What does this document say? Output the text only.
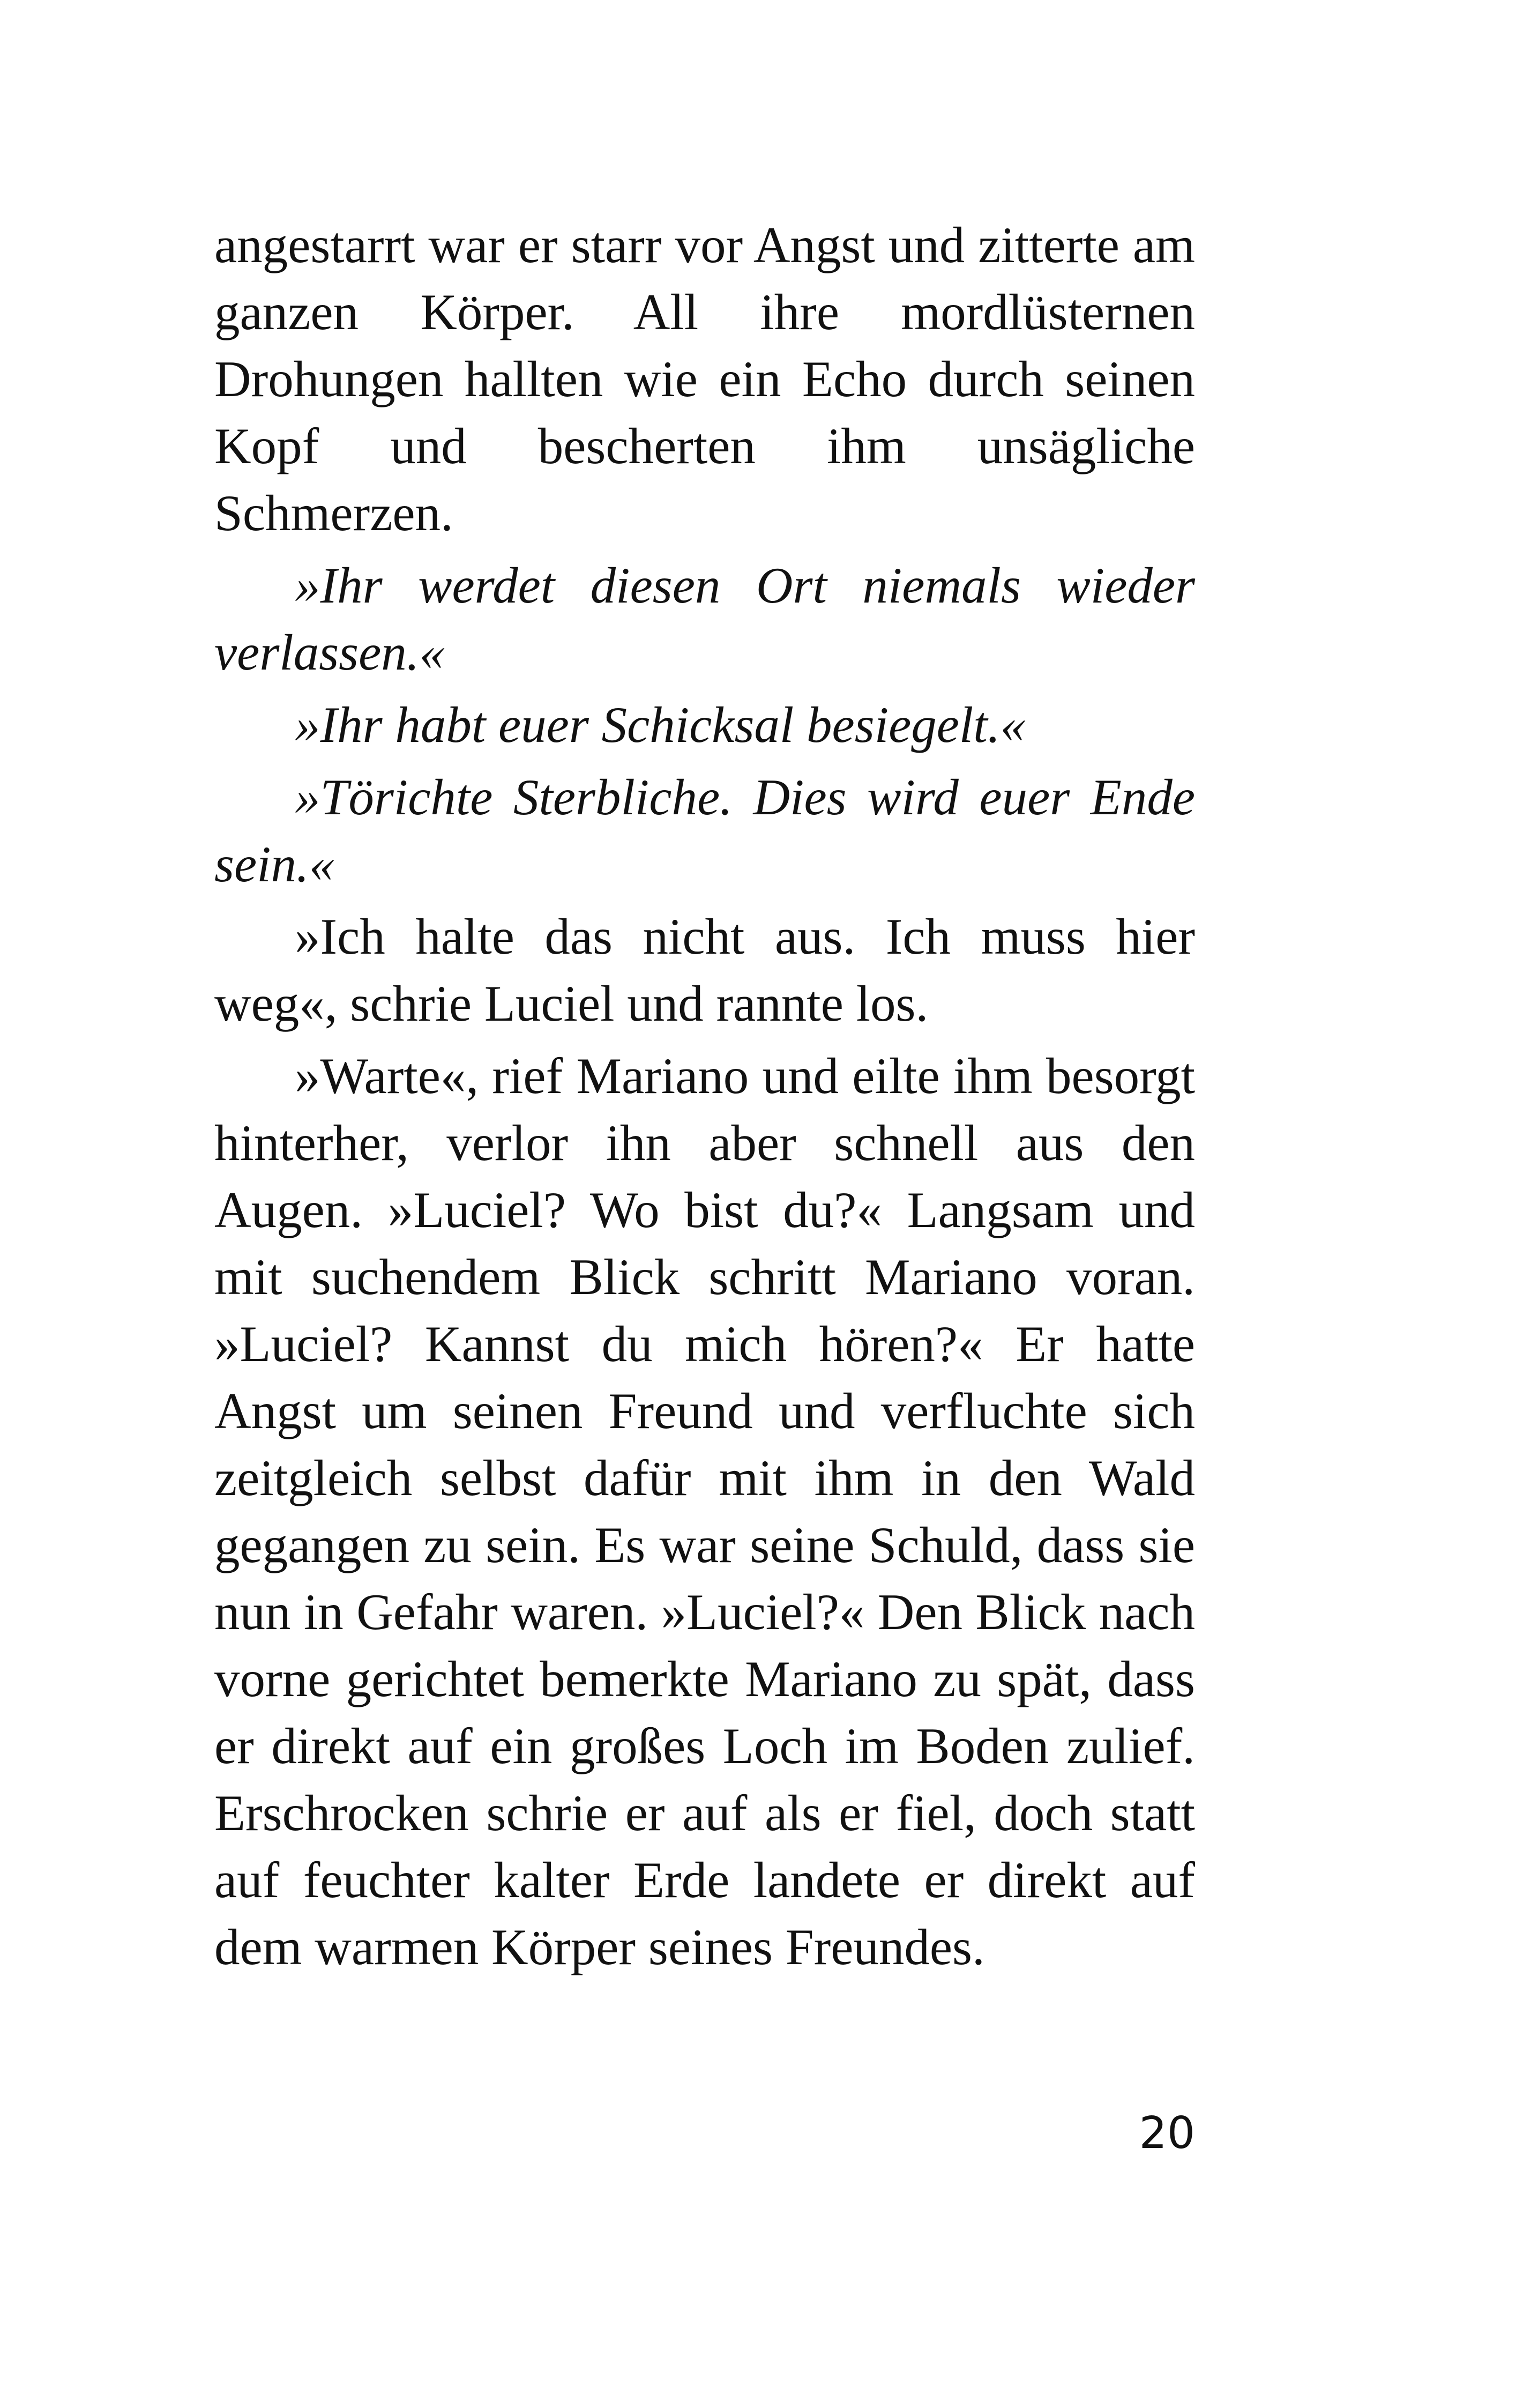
angestarrt war er starr vor Angst und zitterte am ganzen Körper. All ihre mordlüsternen Drohungen hallten wie ein Echo durch seinen Kopf und bescherten ihm unsägliche Schmerzen.

»Ihr werdet diesen Ort niemals wieder verlassen.«

»Ihr habt euer Schicksal besiegelt.«

»Törichte Sterbliche. Dies wird euer Ende sein.«

»Ich halte das nicht aus. Ich muss hier weg«, schrie Luciel und rannte los.

»Warte«, rief Mariano und eilte ihm besorgt hinterher, verlor ihn aber schnell aus den Augen. »Luciel? Wo bist du?« Langsam und mit suchendem Blick schritt Mariano voran. »Luciel? Kannst du mich hören?« Er hatte Angst um seinen Freund und verfluchte sich zeitgleich selbst dafür mit ihm in den Wald gegangen zu sein. Es war seine Schuld, dass sie nun in Gefahr waren. »Luciel?« Den Blick nach vorne gerichtet bemerkte Mariano zu spät, dass er direkt auf ein großes Loch im Boden zulief. Erschrocken schrie er auf als er fiel, doch statt auf feuchter kalter Erde landete er direkt auf dem warmen Körper seines Freundes.

20
